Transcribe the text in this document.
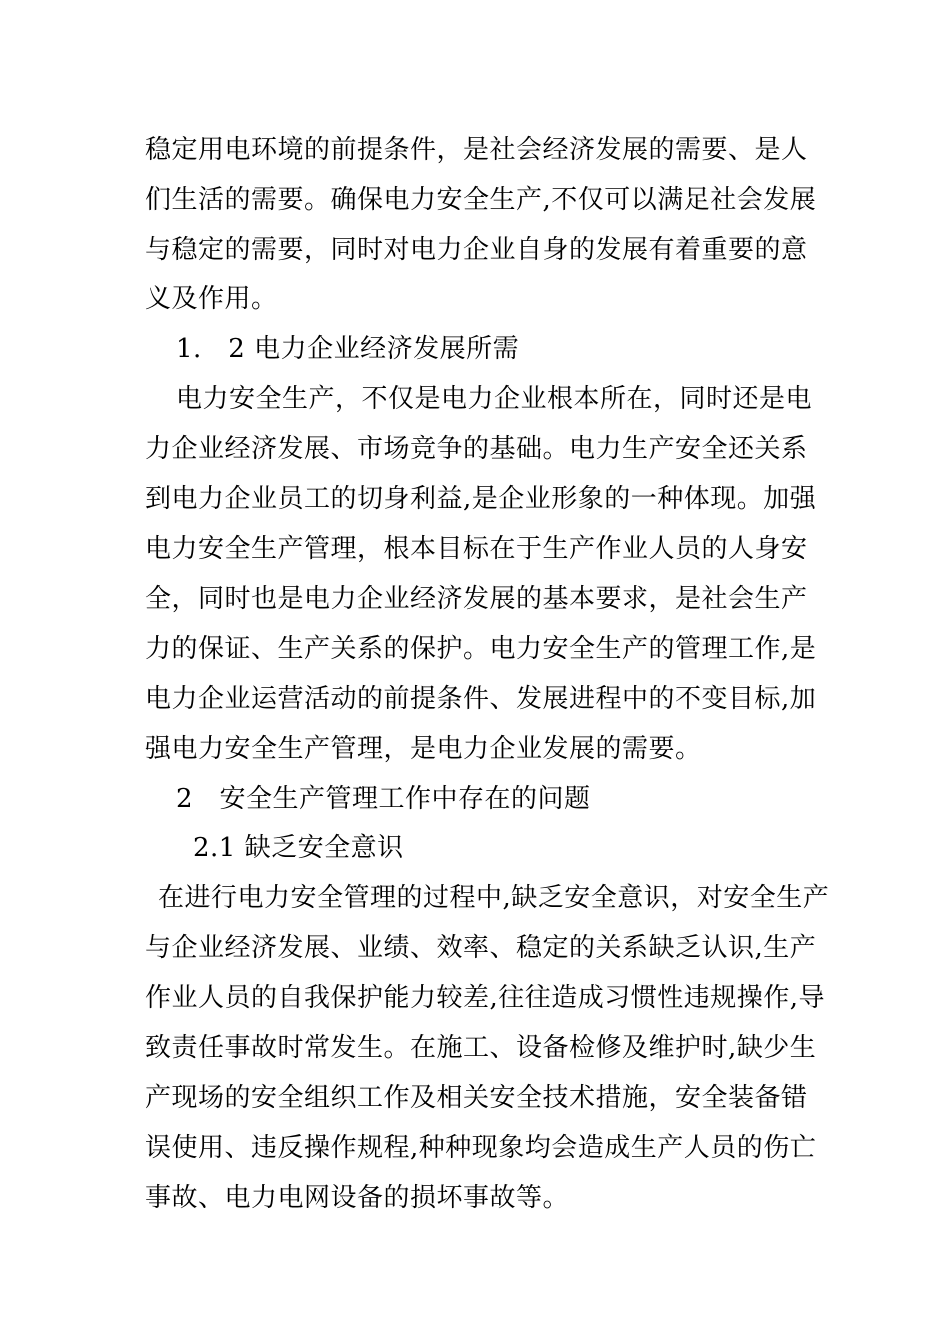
稳定用电环境的前提条件，是社会经济发展的需要、是人
们生活的需要。确保电力安全生产,不仅可以满足社会发展
与稳定的需要，同时对电力企业自身的发展有着重要的意
义及作用。
1.　2 电力企业经济发展所需
电力安全生产，不仅是电力企业根本所在，同时还是电
力企业经济发展、市场竞争的基础。电力生产安全还关系
到电力企业员工的切身利益,是企业形象的一种体现。加强
电力安全生产管理，根本目标在于生产作业人员的人身安
全，同时也是电力企业经济发展的基本要求，是社会生产
力的保证、生产关系的保护。电力安全生产的管理工作,是
电力企业运营活动的前提条件、发展进程中的不变目标,加
强电力安全生产管理，是电力企业发展的需要。
2　安全生产管理工作中存在的问题
2.1 缺乏安全意识
在进行电力安全管理的过程中,缺乏安全意识，对安全生产
与企业经济发展、业绩、效率、稳定的关系缺乏认识,生产
作业人员的自我保护能力较差,往往造成习惯性违规操作,导
致责任事故时常发生。在施工、设备检修及维护时,缺少生
产现场的安全组织工作及相关安全技术措施，安全装备错
误使用、违反操作规程,种种现象均会造成生产人员的伤亡
事故、电力电网设备的损坏事故等。
